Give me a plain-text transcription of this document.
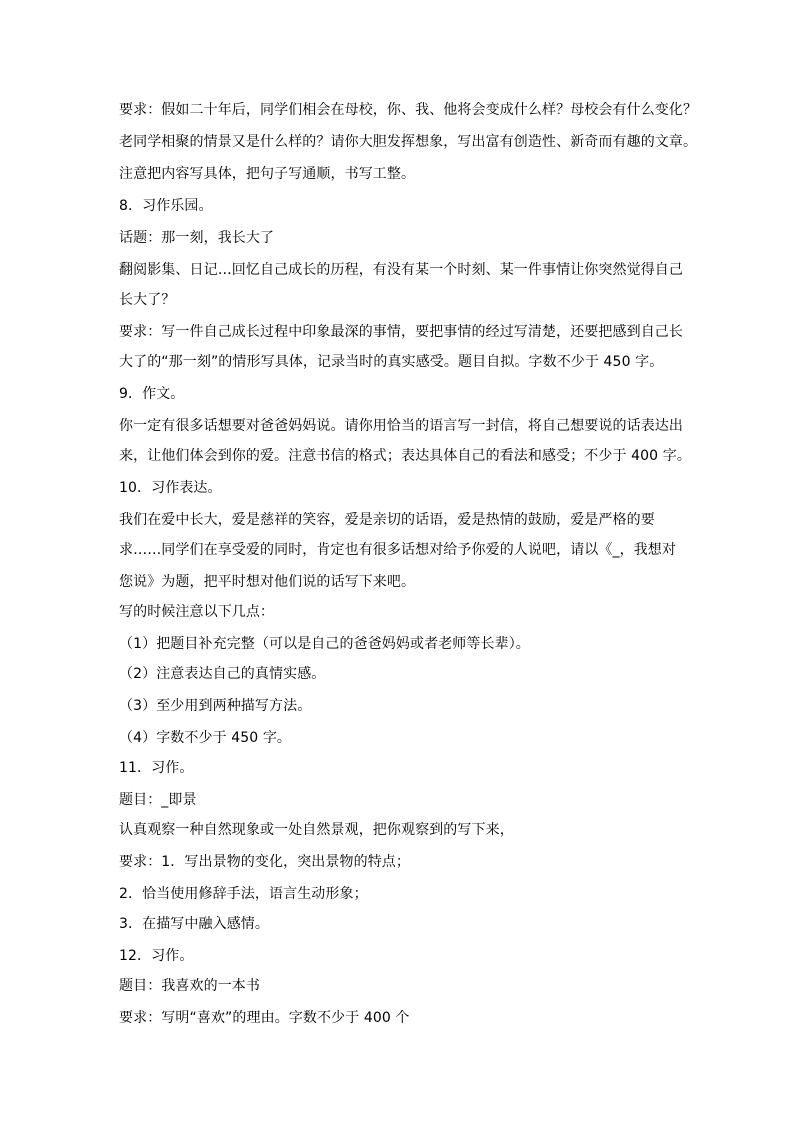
要求：假如二十年后，同学们相会在母校，你、我、他将会变成什么样？母校会有什么变化？
老同学相聚的情景又是什么样的？请你大胆发挥想象，写出富有创造性、新奇而有趣的文章。
注意把内容写具体，把句子写通顺，书写工整。
8．习作乐园。
话题：那一刻，我长大了
翻阅影集、日记…回忆自己成长的历程，有没有某一个时刻、某一件事情让你突然觉得自己
长大了？
要求：写一件自己成长过程中印象最深的事情，要把事情的经过写清楚，还要把感到自己长
大了的“那一刻”的情形写具体，记录当时的真实感受。题目自拟。字数不少于 450 字。
9．作文。
你一定有很多话想要对爸爸妈妈说。请你用恰当的语言写一封信，将自己想要说的话表达出
来，让他们体会到你的爱。注意书信的格式；表达具体自己的看法和感受；不少于 400 字。
10．习作表达。
我们在爱中长大，爱是慈祥的笑容，爱是亲切的话语，爱是热情的鼓励，爱是严格的要
求……同学们在享受爱的同时，肯定也有很多话想对给予你爱的人说吧，请以《_，我想对
您说》为题，把平时想对他们说的话写下来吧。
写的时候注意以下几点：
（1）把题目补充完整（可以是自己的爸爸妈妈或者老师等长辈）。
（2）注意表达自己的真情实感。
（3）至少用到两种描写方法。
（4）字数不少于 450 字。
11．习作。
题目：_即景
认真观察一种自然现象或一处自然景观，把你观察到的写下来，
要求：1．写出景物的变化，突出景物的特点；
2．恰当使用修辞手法，语言生动形象；
3．在描写中融入感情。
12．习作。
题目：我喜欢的一本书
要求：写明“喜欢”的理由。字数不少于 400 个
